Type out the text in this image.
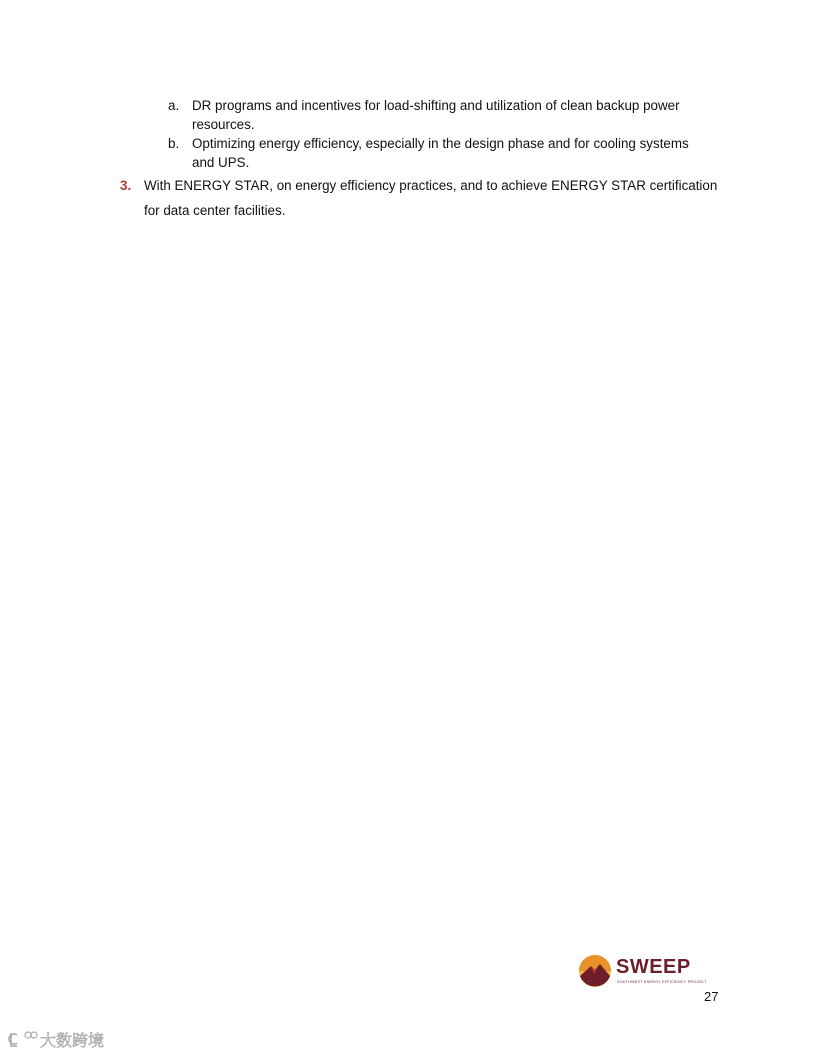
a. DR programs and incentives for load-shifting and utilization of clean backup power resources.
b. Optimizing energy efficiency, especially in the design phase and for cooling systems and UPS.
3. With ENERGY STAR, on energy efficiency practices, and to achieve ENERGY STAR certification for data center facilities.
SWEEP
SOUTHWEST ENERGY EFFICIENCY PROJECT
27
大数跨境
